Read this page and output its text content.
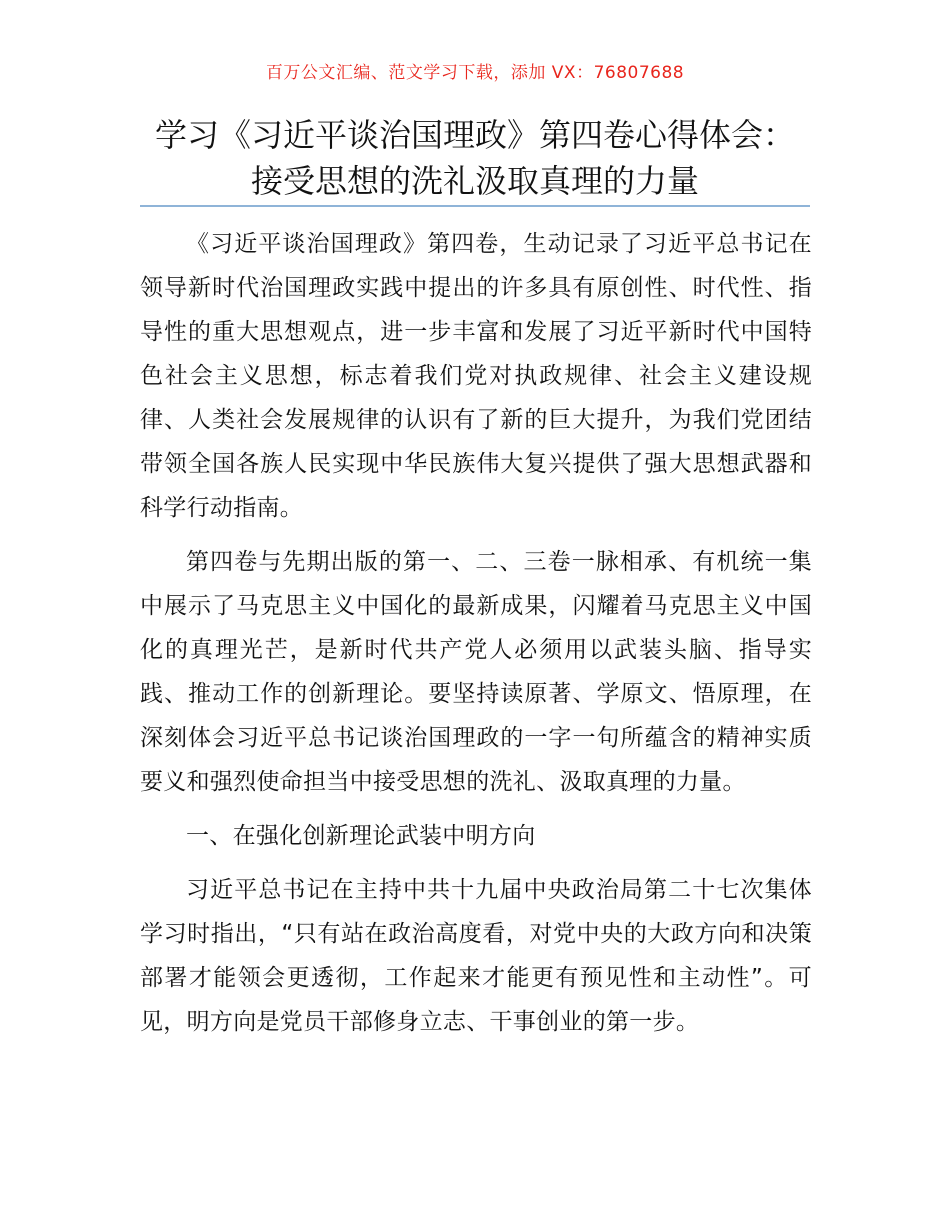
百万公文汇编、范文学习下载，添加 VX：76807688
学习《习近平谈治国理政》第四卷心得体会：
接受思想的洗礼汲取真理的力量

《习近平谈治国理政》第四卷，生动记录了习近平总书记在领导新时代治国理政实践中提出的许多具有原创性、时代性、指导性的重大思想观点，进一步丰富和发展了习近平新时代中国特色社会主义思想，标志着我们党对执政规律、社会主义建设规律、人类社会发展规律的认识有了新的巨大提升，为我们党团结带领全国各族人民实现中华民族伟大复兴提供了强大思想武器和科学行动指南。

第四卷与先期出版的第一、二、三卷一脉相承、有机统一集中展示了马克思主义中国化的最新成果，闪耀着马克思主义中国化的真理光芒，是新时代共产党人必须用以武装头脑、指导实践、推动工作的创新理论。要坚持读原著、学原文、悟原理，在深刻体会习近平总书记谈治国理政的一字一句所蕴含的精神实质要义和强烈使命担当中接受思想的洗礼、汲取真理的力量。

一、在强化创新理论武装中明方向

习近平总书记在主持中共十九届中央政治局第二十七次集体学习时指出，“只有站在政治高度看，对党中央的大政方向和决策部署才能领会更透彻，工作起来才能更有预见性和主动性”。可见，明方向是党员干部修身立志、干事创业的第一步。
